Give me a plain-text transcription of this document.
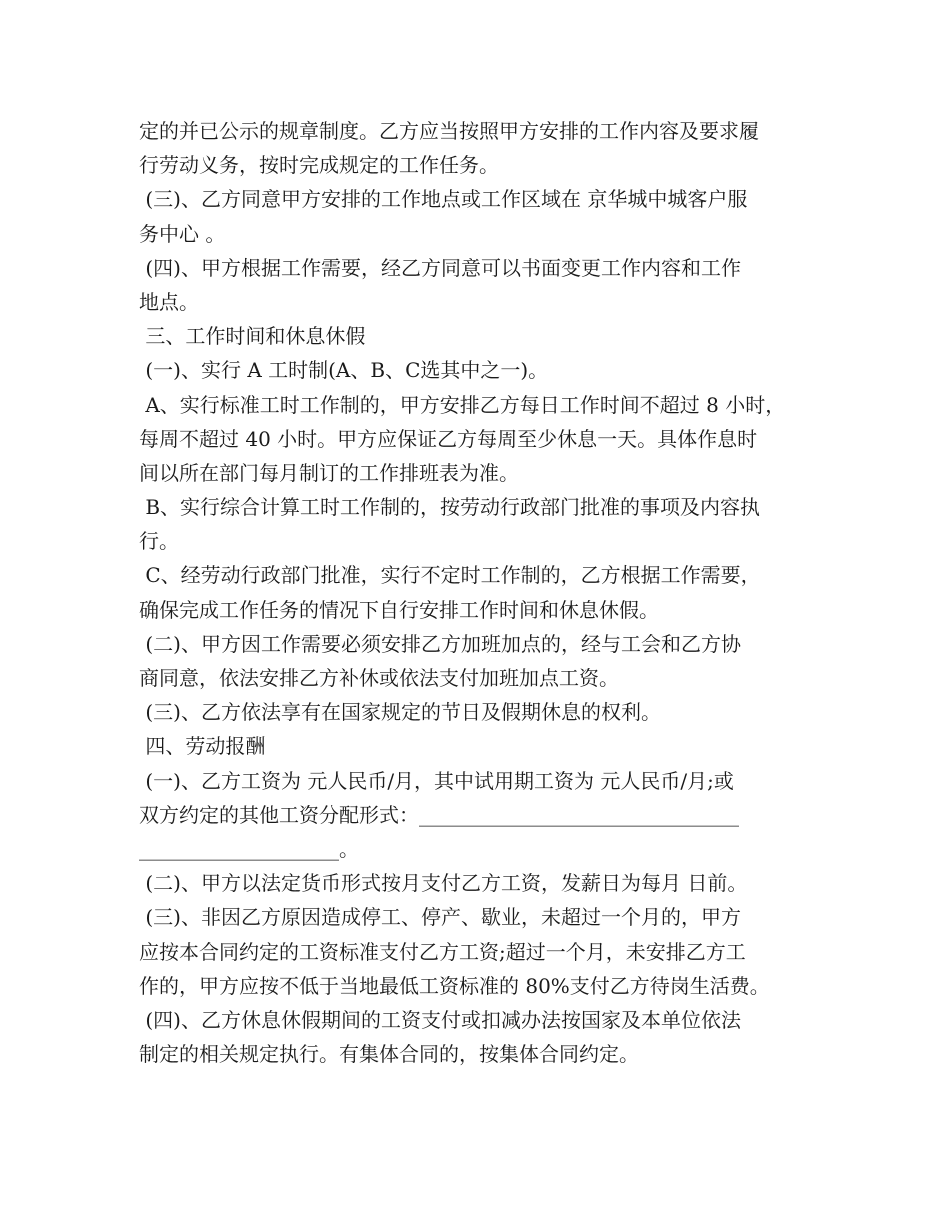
定的并已公示的规章制度。乙方应当按照甲方安排的工作内容及要求履
行劳动义务，按时完成规定的工作任务。
(三)、乙方同意甲方安排的工作地点或工作区域在 京华城中城客户服
务中心 。
(四)、甲方根据工作需要，经乙方同意可以书面变更工作内容和工作
地点。
三、工作时间和休息休假
(一)、实行 A 工时制(A、B、C选其中之一)。
A、实行标准工时工作制的，甲方安排乙方每日工作时间不超过 8 小时，
每周不超过 40 小时。甲方应保证乙方每周至少休息一天。具体作息时
间以所在部门每月制订的工作排班表为准。
B、实行综合计算工时工作制的，按劳动行政部门批准的事项及内容执
行。
C、经劳动行政部门批准，实行不定时工作制的，乙方根据工作需要，
确保完成工作任务的情况下自行安排工作时间和休息休假。
(二)、甲方因工作需要必须安排乙方加班加点的，经与工会和乙方协
商同意，依法安排乙方补休或依法支付加班加点工资。
(三)、乙方依法享有在国家规定的节日及假期休息的权利。
四、劳动报酬
(一)、乙方工资为 元人民币/月，其中试用期工资为 元人民币/月;或
双方约定的其他工资分配形式：________________________________
____________________。
(二)、甲方以法定货币形式按月支付乙方工资，发薪日为每月 日前。
(三)、非因乙方原因造成停工、停产、歇业，未超过一个月的，甲方
应按本合同约定的工资标准支付乙方工资;超过一个月，未安排乙方工
作的，甲方应按不低于当地最低工资标准的 80%支付乙方待岗生活费。
(四)、乙方休息休假期间的工资支付或扣减办法按国家及本单位依法
制定的相关规定执行。有集体合同的，按集体合同约定。
